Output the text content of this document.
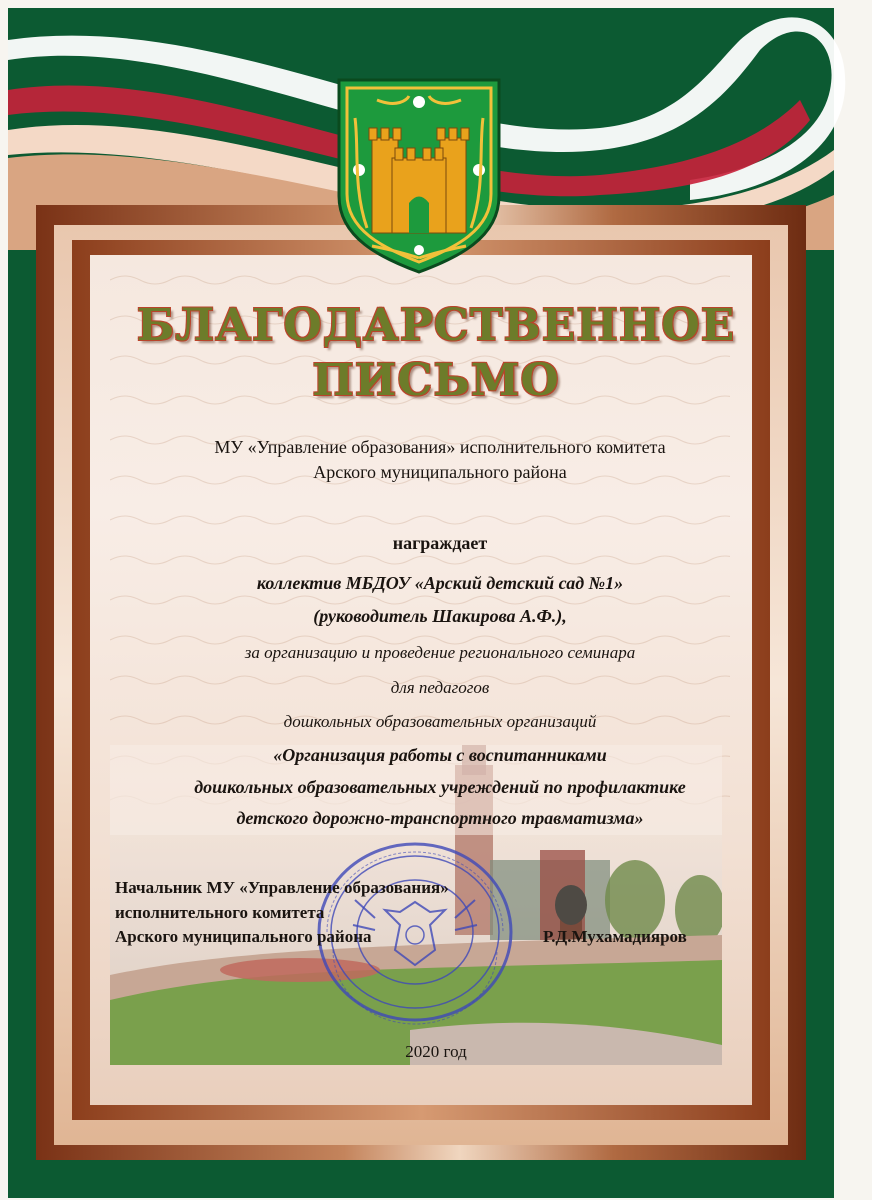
БЛАГОДАРСТВЕННОЕ
ПИСЬМО
МУ «Управление образования» исполнительного комитета
Арского муниципального района
награждает
коллектив МБДОУ «Арский детский сад №1»
(руководитель Шакирова А.Ф.),
за организацию и проведение регионального семинара
для педагогов
дошкольных образовательных организаций
«Организация работы с воспитанниками
дошкольных образовательных учреждений по профилактике
детского дорожно-транспортного травматизма»
Начальник МУ «Управление образования»
исполнительного комитета
Арского муниципального района	Р.Д.Мухамадияров
2020 год
